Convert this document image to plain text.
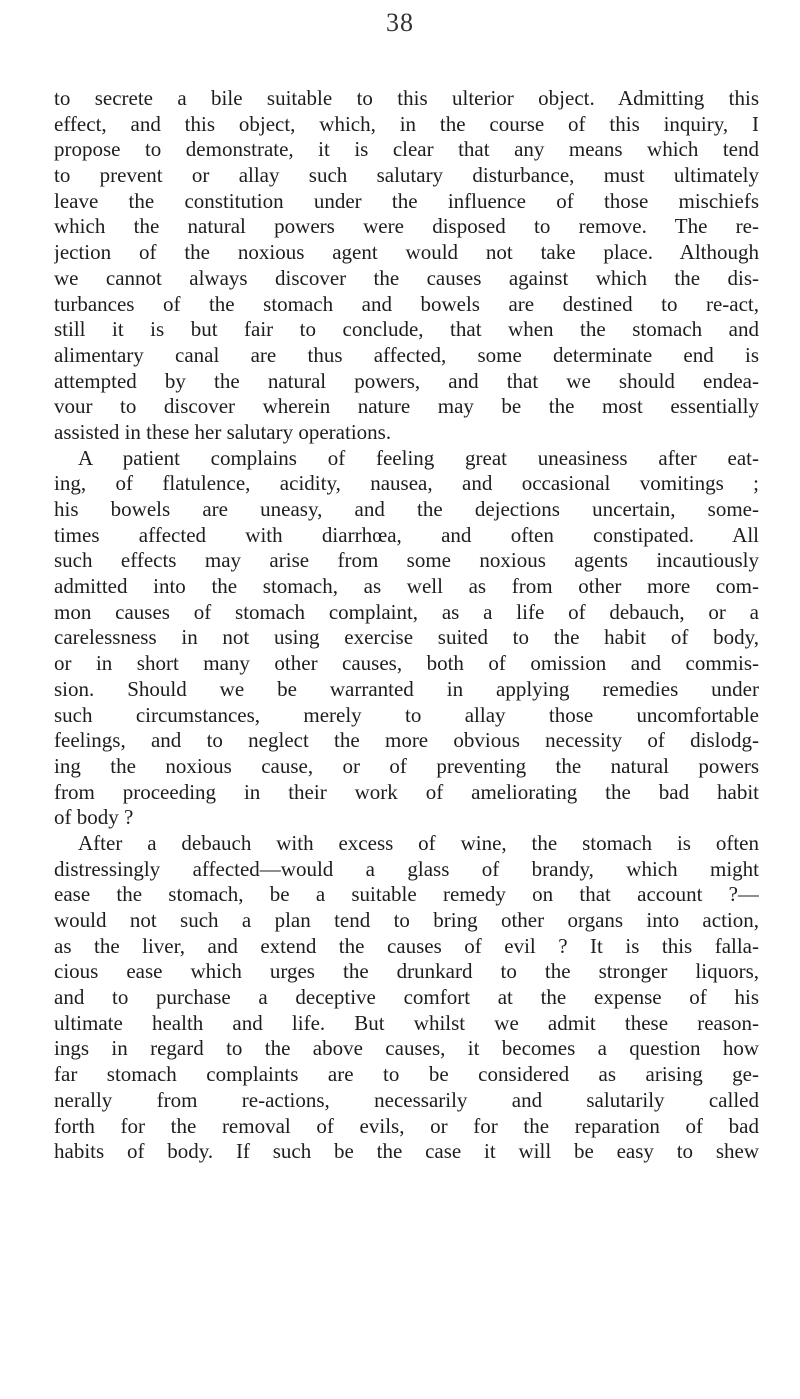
38
to secrete a bile suitable to this ulterior object. Admitting this
effect, and this object, which, in the course of this inquiry, I
propose to demonstrate, it is clear that any means which tend
to prevent or allay such salutary disturbance, must ultimately
leave the constitution under the influence of those mischiefs
which the natural powers were disposed to remove. The re-
jection of the noxious agent would not take place. Although
we cannot always discover the causes against which the dis-
turbances of the stomach and bowels are destined to re-act,
still it is but fair to conclude, that when the stomach and
alimentary canal are thus affected, some determinate end is
attempted by the natural powers, and that we should endea-
vour to discover wherein nature may be the most essentially
assisted in these her salutary operations.
A patient complains of feeling great uneasiness after eat-
ing, of flatulence, acidity, nausea, and occasional vomitings ;
his bowels are uneasy, and the dejections uncertain, some-
times affected with diarrhœa, and often constipated. All
such effects may arise from some noxious agents incautiously
admitted into the stomach, as well as from other more com-
mon causes of stomach complaint, as a life of debauch, or a
carelessness in not using exercise suited to the habit of body,
or in short many other causes, both of omission and commis-
sion. Should we be warranted in applying remedies under
such circumstances, merely to allay those uncomfortable
feelings, and to neglect the more obvious necessity of dislodg-
ing the noxious cause, or of preventing the natural powers
from proceeding in their work of ameliorating the bad habit
of body ?
After a debauch with excess of wine, the stomach is often
distressingly affected—would a glass of brandy, which might
ease the stomach, be a suitable remedy on that account ?—
would not such a plan tend to bring other organs into action,
as the liver, and extend the causes of evil ? It is this falla-
cious ease which urges the drunkard to the stronger liquors,
and to purchase a deceptive comfort at the expense of his
ultimate health and life. But whilst we admit these reason-
ings in regard to the above causes, it becomes a question how
far stomach complaints are to be considered as arising ge-
nerally from re-actions, necessarily and salutarily called
forth for the removal of evils, or for the reparation of bad
habits of body. If such be the case it will be easy to shew
